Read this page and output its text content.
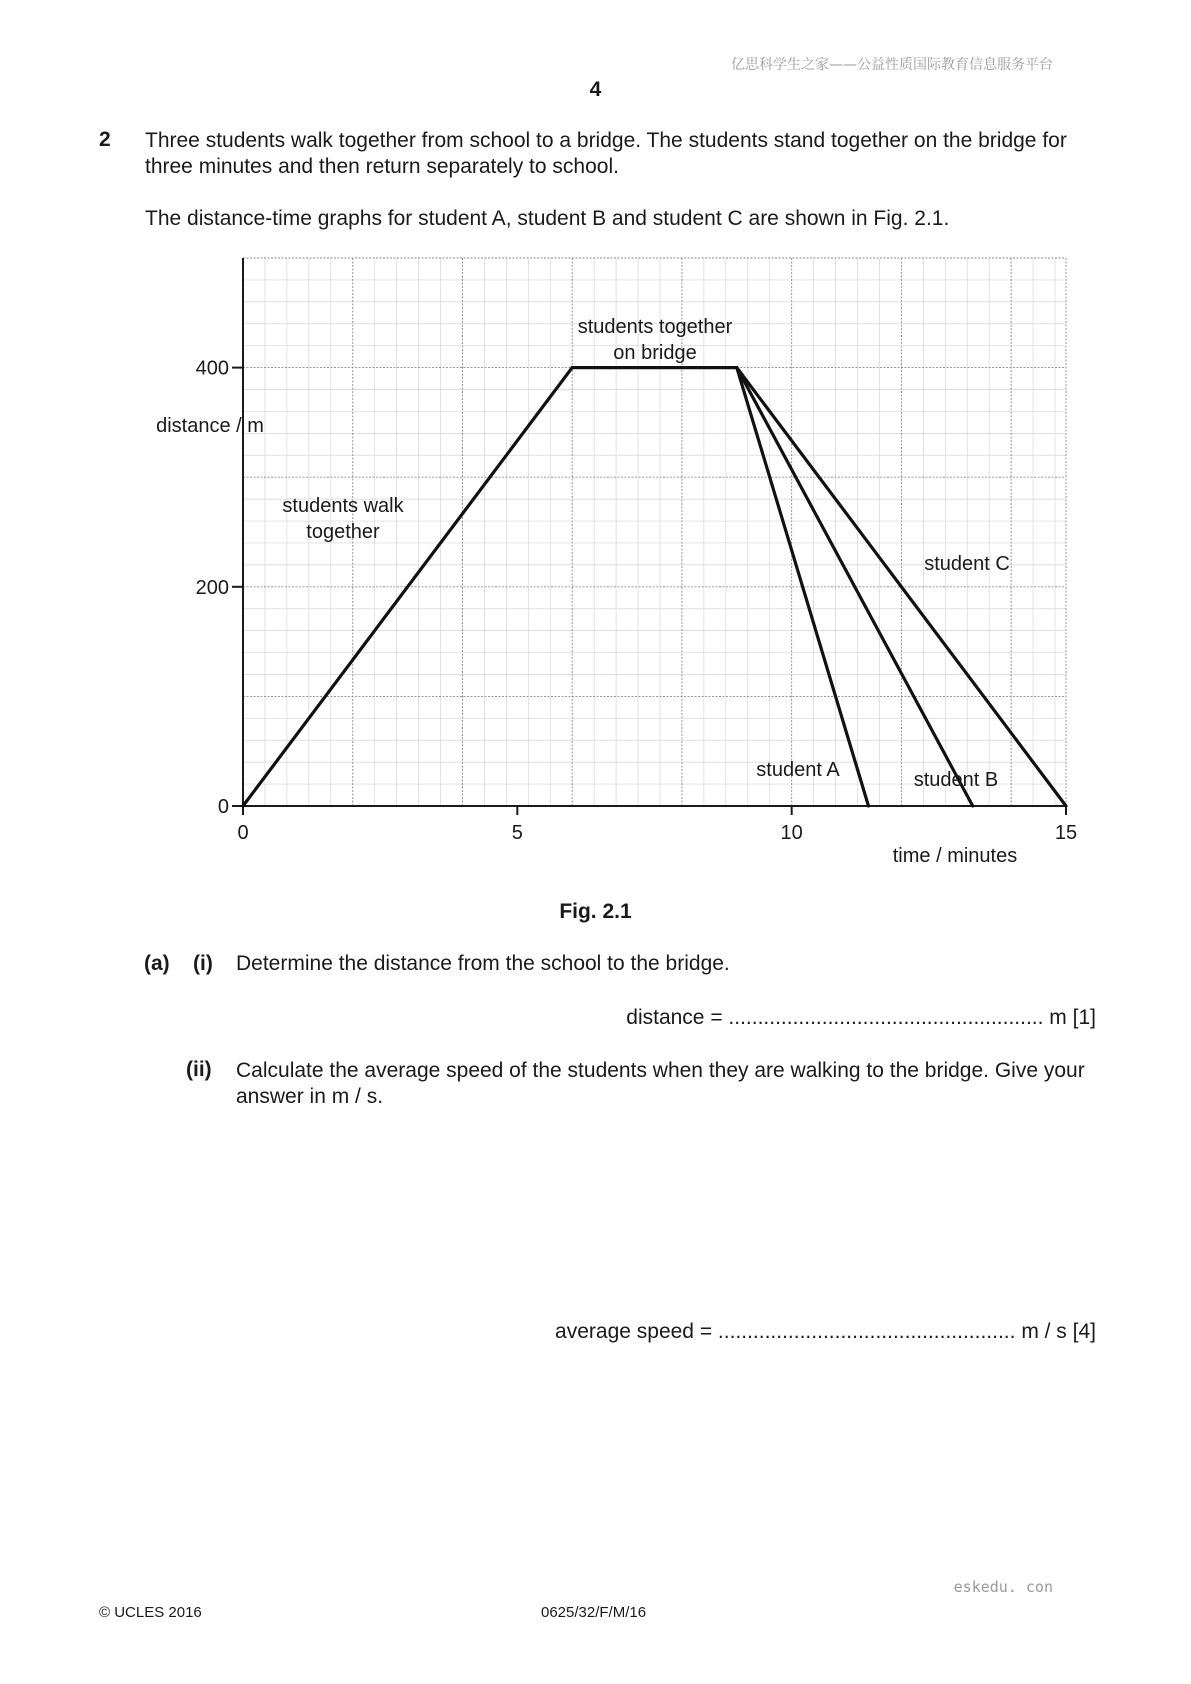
亿思科学生之家——公益性质国际教育信息服务平台
4
2 Three students walk together from school to a bridge. The students stand together on the bridge for three minutes and then return separately to school.
The distance-time graphs for student A, student B and student C are shown in Fig. 2.1.
0	5	10	15
0
200
400
distance / m
time / minutes
students walk
together
students together
on bridge
student A	student B
student C
Fig. 2.1
(a) (i) Determine the distance from the school to the bridge.
distance = ...................................................... m [1]
(ii) Calculate the average speed of the students when they are walking to the bridge. Give your answer in m / s.
average speed = ................................................... m / s [4]
eskedu. con
© UCLES 2016	0625/32/F/M/16
